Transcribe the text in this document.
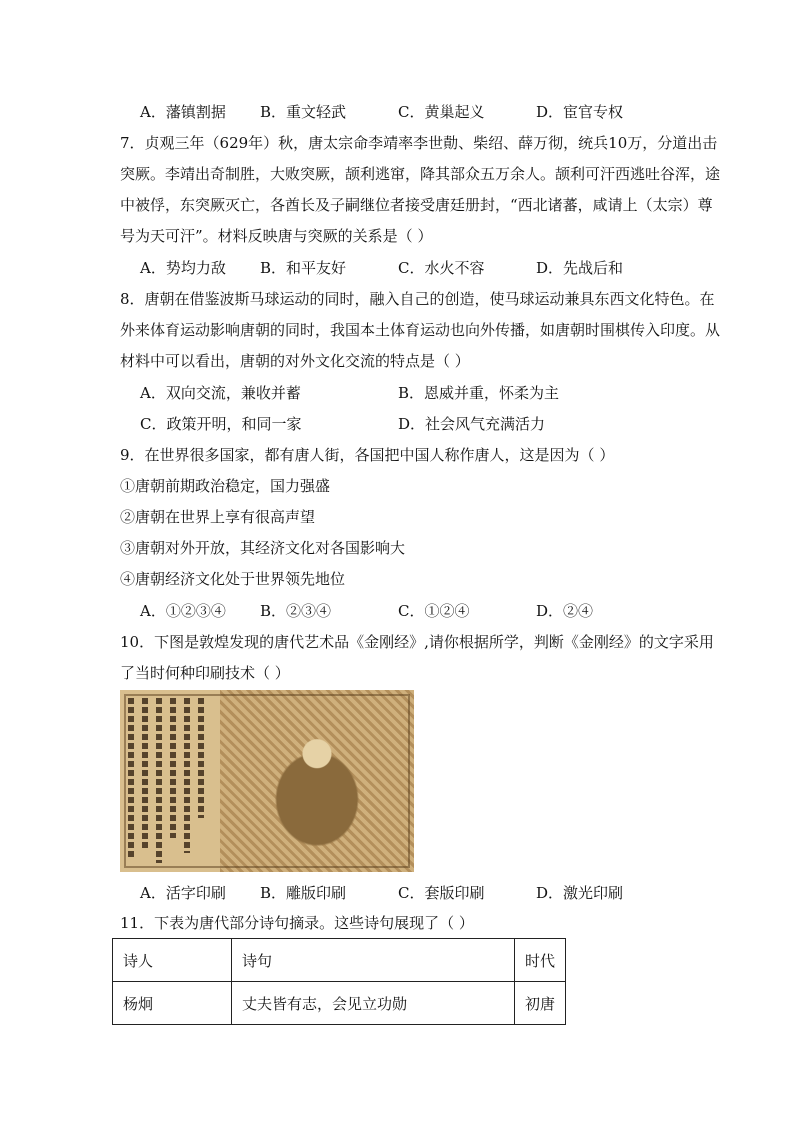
A．藩镇割据 B．重文轻武	C．黄巢起义	D．宦官专权
7．贞观三年（629年）秋，唐太宗命李靖率李世勣、柴绍、薛万彻，统兵10万，分道出击
突厥。李靖出奇制胜，大败突厥，颉利逃窜，降其部众五万余人。颉利可汗西逃吐谷浑，途
中被俘，东突厥灭亡，各酋长及子嗣继位者接受唐廷册封，“西北诸蕃，咸请上（太宗）尊
号为天可汗”。材料反映唐与突厥的关系是（ ）
A．势均力敌 B．和平友好	C．水火不容	D．先战后和
8．唐朝在借鉴波斯马球运动的同时，融入自己的创造，使马球运动兼具东西文化特色。在
外来体育运动影响唐朝的同时，我国本土体育运动也向外传播，如唐朝时围棋传入印度。从
材料中可以看出，唐朝的对外文化交流的特点是（ ）
A．双向交流，兼收并蓄	B．恩威并重，怀柔为主
C．政策开明，和同一家	D．社会风气充满活力
9．在世界很多国家，都有唐人街，各国把中国人称作唐人，这是因为（ ）
①唐朝前期政治稳定，国力强盛
②唐朝在世界上享有很高声望
③唐朝对外开放，其经济文化对各国影响大
④唐朝经济文化处于世界领先地位
A．①②③④ B．②③④	C．①②④	D．②④
10．下图是敦煌发现的唐代艺术品《金刚经》,请你根据所学，判断《金刚经》的文字采用
了当时何种印刷技术（ ）
A．活字印刷 B．雕版印刷	C．套版印刷	D．激光印刷
11．下表为唐代部分诗句摘录。这些诗句展现了（ ）
诗人	诗句	时代
杨炯	丈夫皆有志，会见立功勋	初唐
